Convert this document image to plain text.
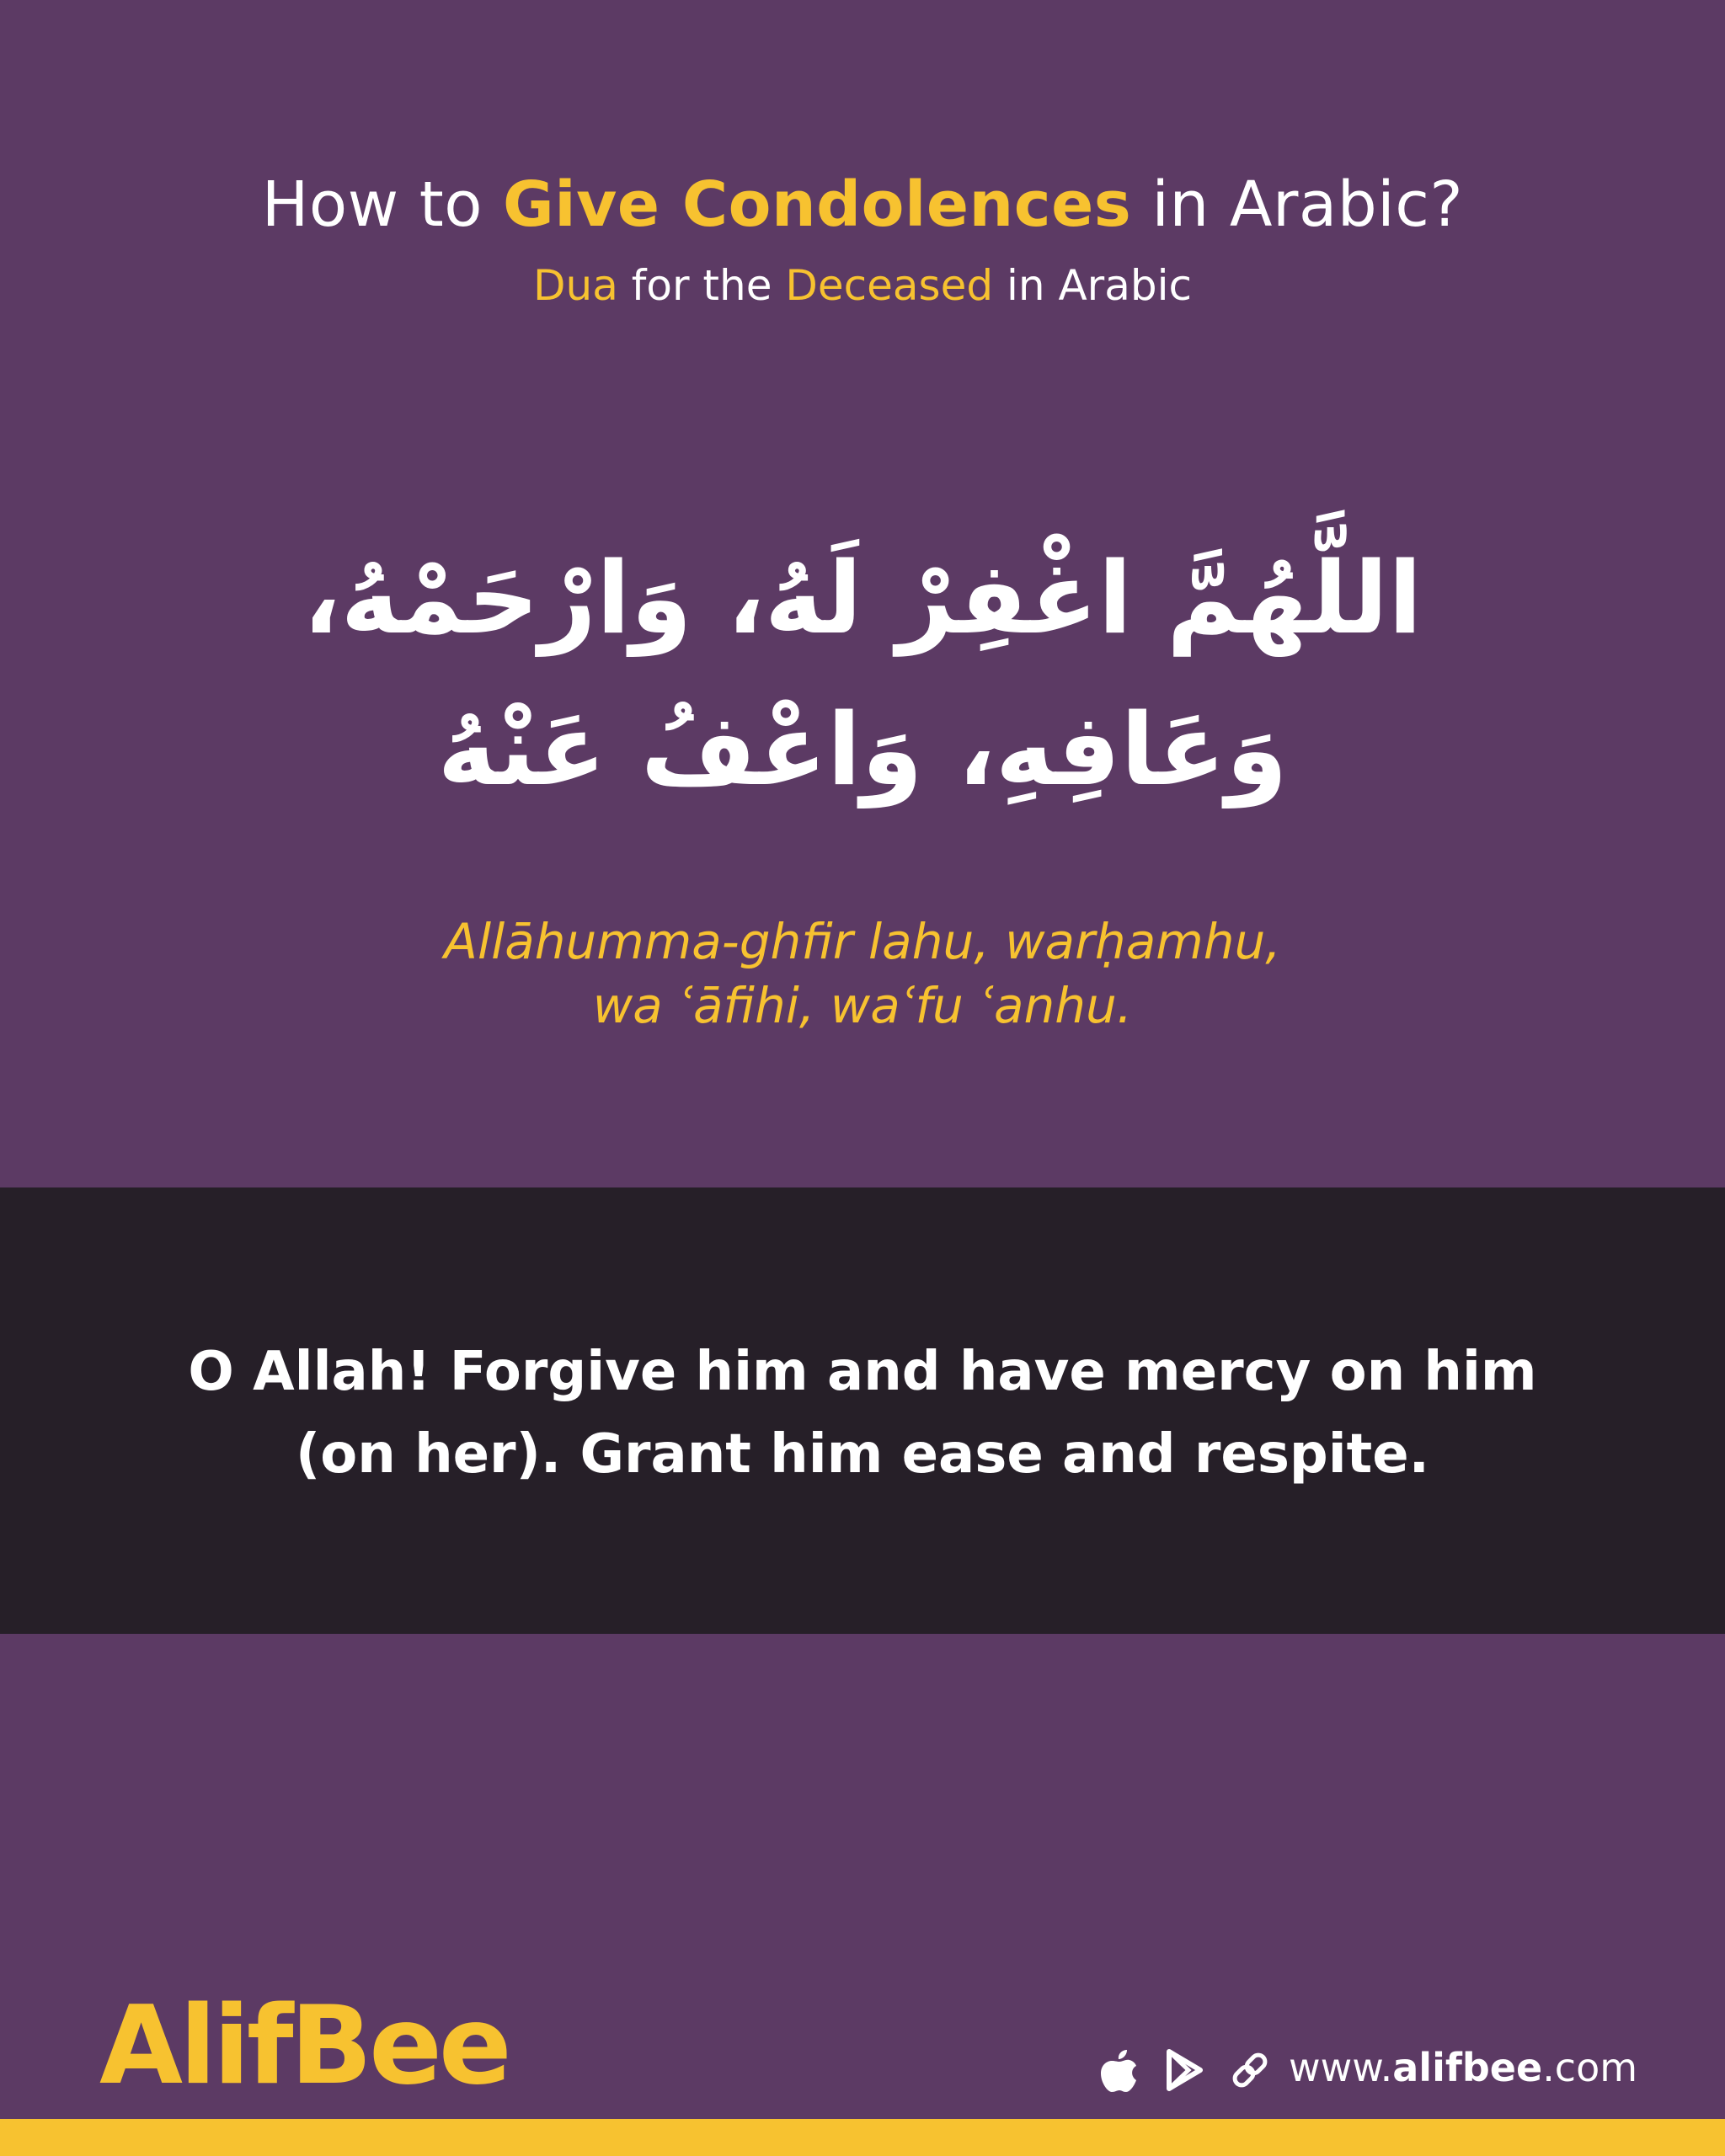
How to Give Condolences in Arabic?
Dua for the Deceased in Arabic
اللَّهُمَّ اغْفِرْ لَهُ، وَارْحَمْهُ،
وَعَافِهِ، وَاعْفُ عَنْهُ
Allāhumma-ghfir lahu, warḥamhu,
wa ʿāfihi, waʿfu ʿanhu.
O Allah! Forgive him and have mercy on him
(on her). Grant him ease and respite.
AlifBee	www.alifbee.com
